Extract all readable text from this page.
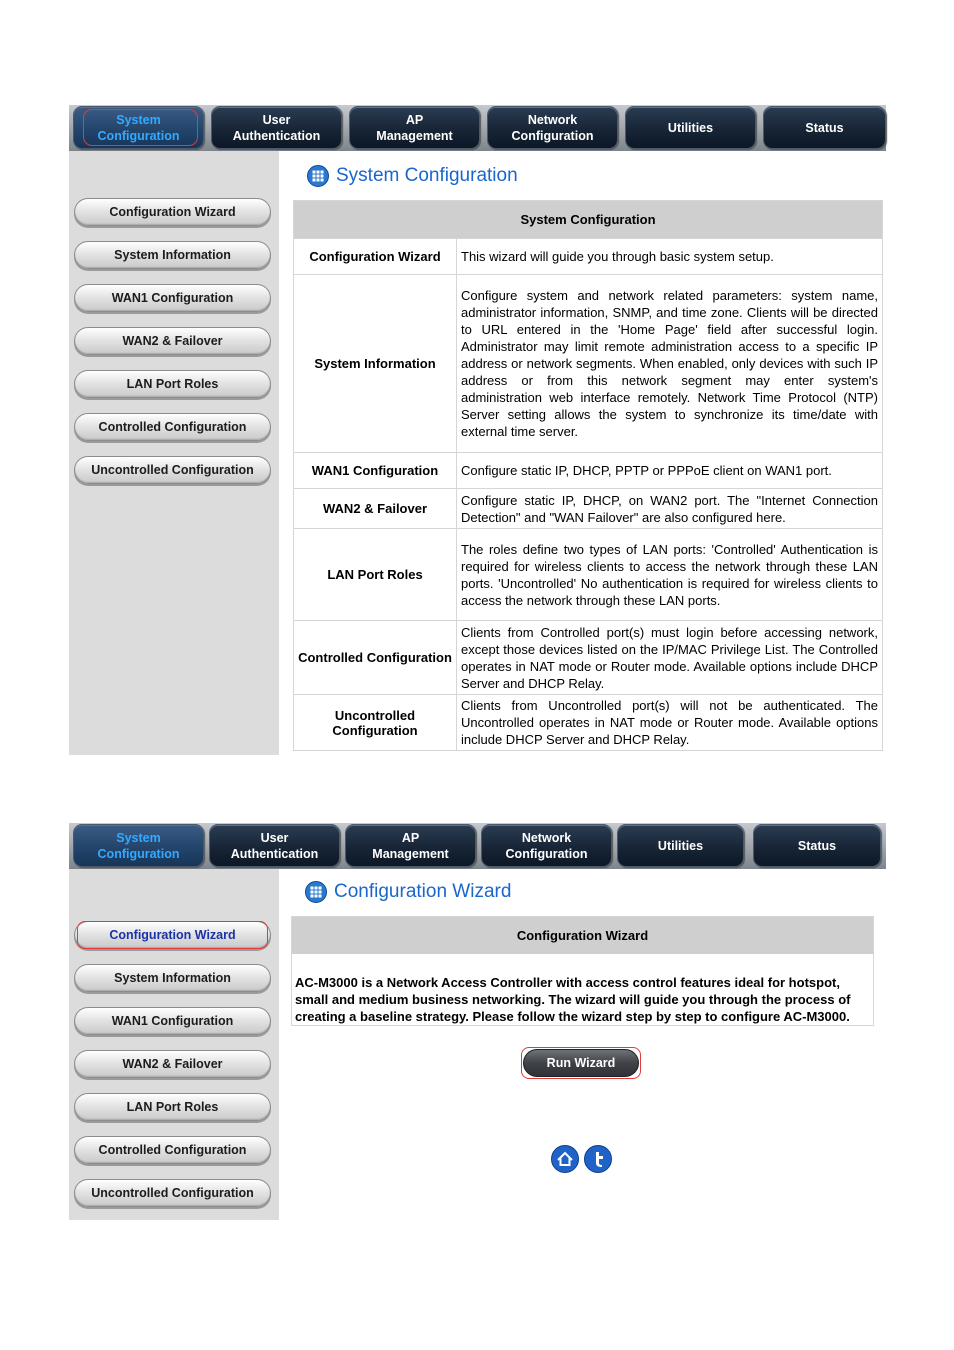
System
Configuration
User
Authentication
AP
Management
Network
Configuration
Utilities	Status
Configuration Wizard
System Information
WAN1 Configuration
WAN2 & Failover
LAN Port Roles
Controlled Configuration
Uncontrolled Configuration
System Configuration
System Configuration	
Configuration Wizard	This wizard will guide you through basic system setup.
System Information	Configure system and network related parameters: system name, administrator information, SNMP, and time zone. Clients will be directed to URL entered in the 'Home Page' field after successful login. Administrator may limit remote administration access to a specific IP address or network segments. When enabled, only devices with such IP address or from this network segment may enter system's administration web interface remotely. Network Time Protocol (NTP) Server setting allows the system to synchronize its time/date with external time server.
WAN1 Configuration	Configure static IP, DHCP, PPTP or PPPoE client on WAN1 port.
WAN2 & Failover	Configure static IP, DHCP, on WAN2 port. The "Internet Connection Detection" and "WAN Failover" are also configured here.
LAN Port Roles	The roles define two types of LAN ports: 'Controlled' Authentication is required for wireless clients to access the network through these LAN ports. 'Uncontrolled' No authentication is required for wireless clients to access the network through these LAN ports.
Controlled Configuration	Clients from Controlled port(s) must login before accessing network, except those devices listed on the IP/MAC Privilege List. The Controlled operates in NAT mode or Router mode. Available options include DHCP Server and DHCP Relay.
Uncontrolled Configuration	Clients from Uncontrolled port(s) will not be authenticated. The Uncontrolled operates in NAT mode or Router mode. Available options include DHCP Server and DHCP Relay.
System
Configuration
User
Authentication
AP
Management
Network
Configuration
Utilities	Status
Configuration Wizard
System Information
WAN1 Configuration
WAN2 & Failover
LAN Port Roles
Controlled Configuration
Uncontrolled Configuration
Configuration Wizard
Configuration Wizard
AC-M3000 is a Network Access Controller with access control features ideal for hotspot, small and medium business networking. The wizard will guide you through the process of creating a baseline strategy. Please follow the wizard step by step to configure AC-M3000.
Run Wizard
